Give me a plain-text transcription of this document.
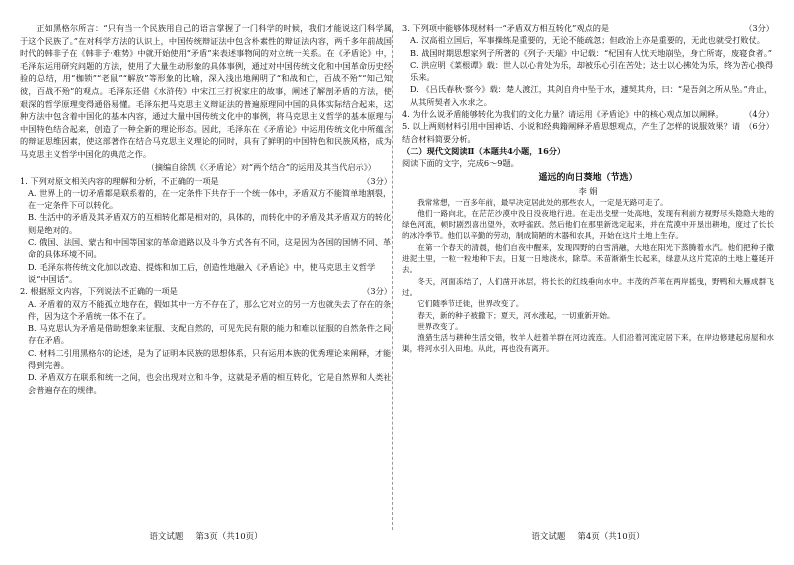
正如黑格尔所言：“只有当一个民族用自己的语言掌握了一门科学的时候，我们才能说这门科学属于这个民族了。”在对科学方法的认识上，中国传统辩证法中包含朴素性的辩证法内容，两千多年前战国时代的韩非子在《韩非子·难势》中就开始使用“矛盾”来表述事物间的对立统一关系。在《矛盾论》中，毛泽东运用研究问题的方法，使用了大量生动形象的具体事例，通过对中国传统文化和中国革命历史经验的总结，用“枷锁”“老鼠”“解放”等形象的比喻，深入浅出地阐明了“和战和亡，百战不殆”“知己知彼，百战不殆”的观点。毛泽东还借《水浒传》中宋江三打祝家庄的故事，阐述了解剖矛盾的方法，使艰深的哲学原理变得通俗易懂。毛泽东把马克思主义辩证法的普遍原理同中国的具体实际结合起来，这种方法中包含着中国化的基本内容，通过大量中国传统文化中的事例，将马克思主义哲学的基本原理与中国特色结合起来，创造了一种全新的理论形态。因此，毛泽东在《矛盾论》中运用传统文化中所蕴含的辩证思维因素，使这部著作在结合马克思主义理论的同时，具有了鲜明的中国特色和民族风格，成为马克思主义哲学中国化的典范之作。

（摘编自徐凯《〈矛盾论〉对“两个结合”的运用及其当代启示》）
1. 下列对原文相关内容的理解和分析，不正确的一项是	（3分）
A. 世界上的一切矛盾都是联系着的，在一定条件下共存于一个统一体中，矛盾双方不能简单地割裂，在一定条件下可以转化。
B. 生活中的矛盾及其矛盾双方的互相转化都是相对的，具体的，而转化中的矛盾及其矛盾双方的转化则是绝对的。
C. 俄国、法国、蒙古和中国等国家的革命道路以及斗争方式各有不同，这是因为各国的国情不同、革命的具体环境不同。
D. 毛泽东将传统文化加以改造、提炼和加工后，创造性地融入《矛盾论》中，使马克思主义哲学说“中国话”。
2. 根据原文内容，下列说法不正确的一项是	（3分）
A. 矛盾着的双方不能孤立地存在，假如其中一方不存在了，那么它对立的另一方也就失去了存在的条件，因为这个矛盾统一体不在了。
B. 马克思认为矛盾是借助想象来征服、支配自然的，可见先民有限的能力和难以征服的自然条件之间存在矛盾。
C. 材料二引用黑格尔的论述，是为了证明本民族的思想体系，只有运用本族的优秀理论来阐释，才能得到完善。
D. 矛盾双方在联系和统一之间，也会出现对立和斗争，这就是矛盾的相互转化，它是自然界和人类社会普遍存在的规律。
语文试题 第3页（共10页）
3. 下列项中能够体现材料一“矛盾双方相互转化”观点的是	（3分）
A. 汉高祖立国后，军事操练是重要的，无论不能疏忽；但政治上亦是重要的，无此也就受打败仗。
B. 战国时期思想家列子所著的《列子·天瑞》中记载：“杞国有人忧天地崩坠，身亡所寄，废寝食者。”
C. 洪应明《菜根谭》载：世人以心肯处为乐，却被乐心引在苦处；达士以心拂处为乐，终为苦心换得乐来。
D. 《吕氏春秋·察今》载：楚人渡江，其剑自舟中坠于水，遽契其舟，曰：“是吾剑之所从坠。”舟止，从其所契者入水求之。
4. 为什么说矛盾能够转化为我们的文化力量？请运用《矛盾论》中的核心观点加以阐释。	（4分）
5. 以上两则材料引用中国神话、小说和经典籍阐释矛盾思想观点，产生了怎样的说服效果？请结合材料简要分析。
（6分）
（二）现代文阅读Ⅱ（本题共4小题，16分）
阅读下面的文字，完成6～9题。
遥远的向日葵地（节选）
李 娟

我常常想，一百多年前，最早决定居此处的那些农人，一定是无路可走了。

他们一路向北，在茫茫沙漠中没日没夜地行进。在走出戈壁一处高地，发现有利前方视野尽头隐隐大地的绿色河流，顿时剧烈喜出望外，欢呼雀跃。然后他们在那里新选定起来，并在荒漠中开垦出耕地，度过了长长的冰冷季节。他们以辛勤的劳动，制成简陋的木器和农具，开始在这片土地上生存。

在第一个春天的清晨，他们自夜中醒来，发现四野的白雪消融，大地在阳光下蒸腾着水汽。他们把种子撒进泥土里，一粒一粒地种下去，日复一日地浇水，除草。禾苗渐渐生长起来，绿意从这片荒凉的土地上蔓延开去。

冬天，河面冻结了，人们凿开冰层，将长长的红线垂向水中。丰茂的芦苇在两岸摇曳，野鸭和大雁成群飞过。

它们随季节迁徙，世界改变了。

春天，新的种子被撒下；夏天，河水涨起，一切重新开始。

世界改变了。

渔猎生活与耕种生活交错，牧羊人赶着羊群在河边流连。人们沿着河流定居下来，在岸边修建起房屋和水渠，将河水引入田地。从此，再也没有离开。

语文试题 第4页（共10页）
